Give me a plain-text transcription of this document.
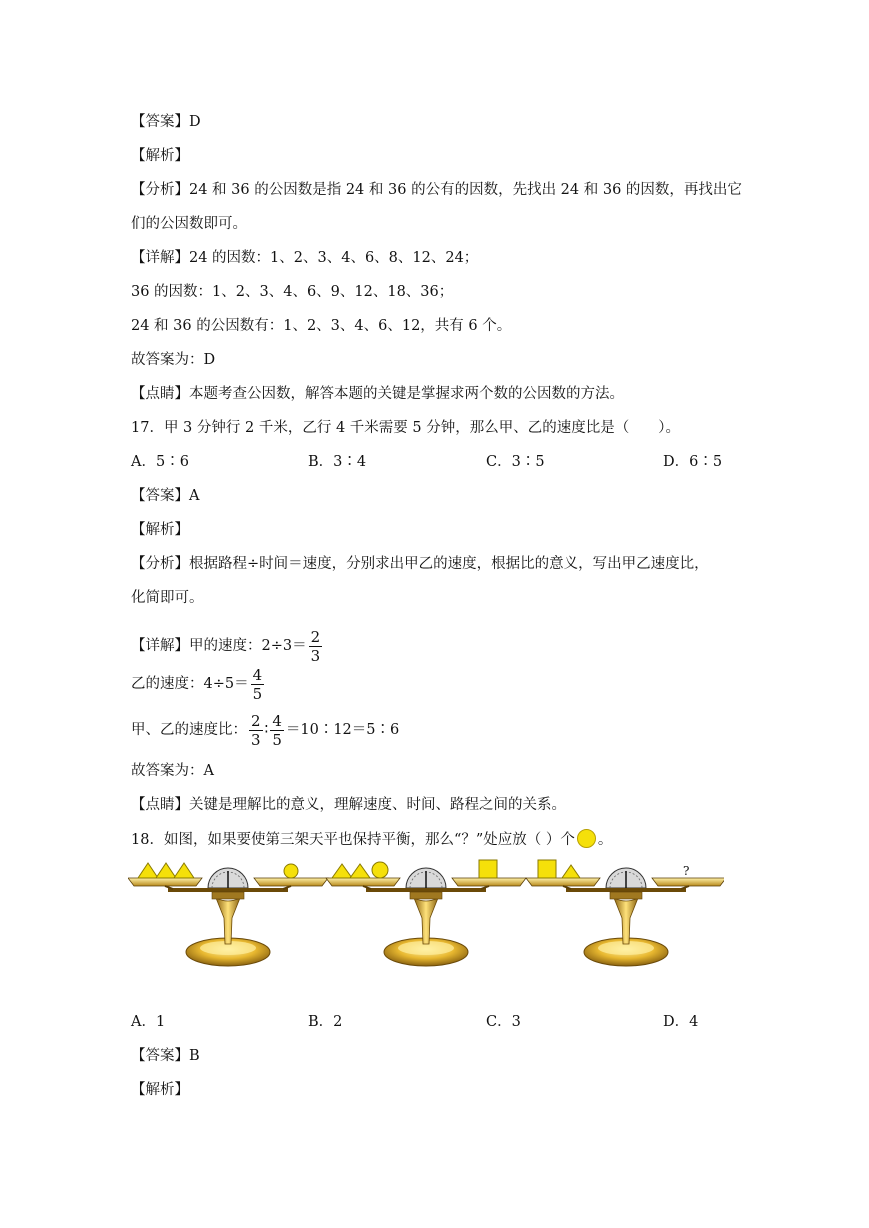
【答案】D
【解析】
【分析】24 和 36 的公因数是指 24 和 36 的公有的因数，先找出 24 和 36 的因数，再找出它
们的公因数即可。
【详解】24 的因数：1、2、3、4、6、8、12、24；
36 的因数：1、2、3、4、6、9、12、18、36；
24 和 36 的公因数有：1、2、3、4、6、12，共有 6 个。
故答案为：D
【点睛】本题考查公因数，解答本题的关键是掌握求两个数的公因数的方法。
17．甲 3 分钟行 2 千米，乙行 4 千米需要 5 分钟，那么甲、乙的速度比是（　　）。
A．5∶6	B．3∶4	C．3∶5	D．6∶5
【答案】A
【解析】
【分析】根据路程÷时间＝速度，分别求出甲乙的速度，根据比的意义，写出甲乙速度比，
化简即可。
【详解】甲的速度：$2\div 3= \frac{2}{3}$
乙的速度：$4\div 5= \frac{4}{5}$
甲、乙的速度比： $\frac{2}{3}$ ∶ $\frac{4}{5}$ ＝10∶12＝5∶6
故答案为：A
【点睛】关键是理解比的意义，理解速度、时间、路程之间的关系。
18．如图，如果要使第三架天平也保持平衡，那么“？”处应放（ ）个 。
?
A．1	B．2	C．3	D．4
【答案】B
【解析】
